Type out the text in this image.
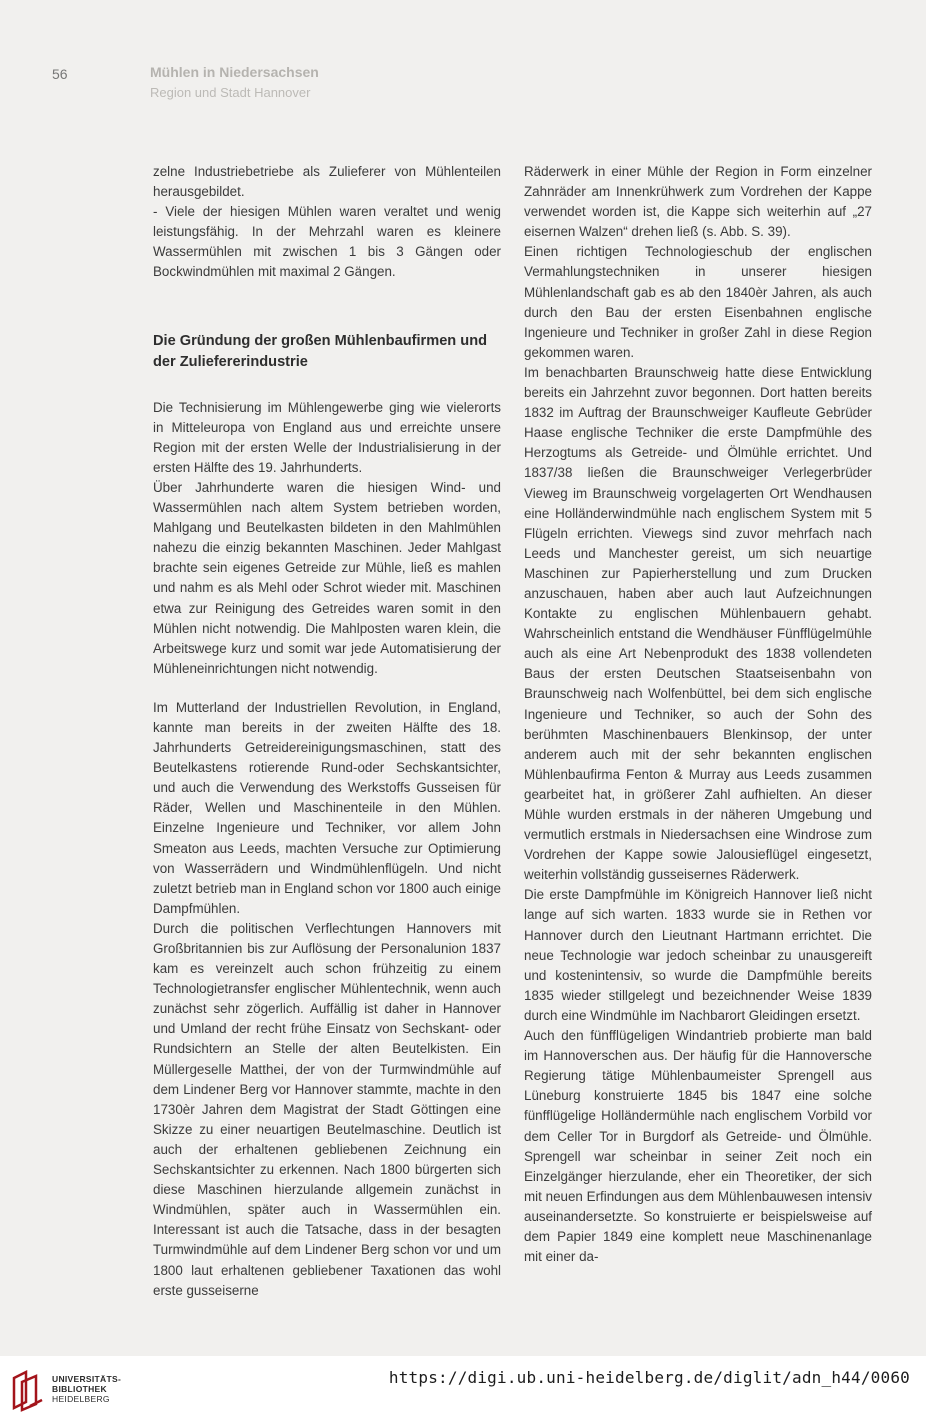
56	Mühlen in Niedersachsen
Region und Stadt Hannover

zelne Industriebetriebe als Zulieferer von Mühlenteilen herausgebildet.

- Viele der hiesigen Mühlen waren veraltet und wenig leistungsfähig. In der Mehrzahl waren es kleinere Wassermühlen mit zwischen 1 bis 3 Gängen oder Bockwindmühlen mit maximal 2 Gängen.

Die Gründung der großen Mühlenbaufirmen und der Zuliefererindustrie

Die Technisierung im Mühlengewerbe ging wie vielerorts in Mitteleuropa von England aus und erreichte unsere Region mit der ersten Welle der Industrialisierung in der ersten Hälfte des 19. Jahrhunderts.

Über Jahrhunderte waren die hiesigen Wind- und Wassermühlen nach altem System betrieben worden, Mahlgang und Beutelkasten bildeten in den Mahlmühlen nahezu die einzig bekannten Maschinen. Jeder Mahlgast brachte sein eigenes Getreide zur Mühle, ließ es mahlen und nahm es als Mehl oder Schrot wieder mit. Maschinen etwa zur Reinigung des Getreides waren somit in den Mühlen nicht notwendig. Die Mahlposten waren klein, die Arbeitswege kurz und somit war jede Automatisierung der Mühleneinrichtungen nicht notwendig.

Im Mutterland der Industriellen Revolution, in England, kannte man bereits in der zweiten Hälfte des 18. Jahrhunderts Getreidereinigungsmaschinen, statt des Beutelkastens rotierende Rund-oder Sechskantsichter, und auch die Verwendung des Werkstoffs Gusseisen für Räder, Wellen und Maschinenteile in den Mühlen. Einzelne Ingenieure und Techniker, vor allem John Smeaton aus Leeds, machten Versuche zur Optimierung von Wasserrädern und Windmühlenflügeln. Und nicht zuletzt betrieb man in England schon vor 1800 auch einige Dampfmühlen.

Durch die politischen Verflechtungen Hannovers mit Großbritannien bis zur Auflösung der Personalunion 1837 kam es vereinzelt auch schon frühzeitig zu einem Technologietransfer englischer Mühlentechnik, wenn auch zunächst sehr zögerlich. Auffällig ist daher in Hannover und Umland der recht frühe Einsatz von Sechskant- oder Rundsichtern an Stelle der alten Beutelkisten. Ein Müllergeselle Matthei, der von der Turmwindmühle auf dem Lindener Berg vor Hannover stammte, machte in den 1730èr Jahren dem Magistrat der Stadt Göttingen eine Skizze zu einer neuartigen Beutelmaschine. Deutlich ist auch der erhaltenen gebliebenen Zeichnung ein Sechskantsichter zu erkennen. Nach 1800 bürgerten sich diese Maschinen hierzulande allgemein zunächst in Windmühlen, später auch in Wassermühlen ein. Interessant ist auch die Tatsache, dass in der besagten Turmwindmühle auf dem Lindener Berg schon vor und um 1800 laut erhaltenen gebliebener Taxationen das wohl erste gusseiserne

Räderwerk in einer Mühle der Region in Form einzelner Zahnräder am Innenkrühwerk zum Vordrehen der Kappe verwendet worden ist, die Kappe sich weiterhin auf „27 eisernen Walzen“ drehen ließ (s. Abb. S. 39).

Einen richtigen Technologieschub der englischen Vermahlungstechniken in unserer hiesigen Mühlenlandschaft gab es ab den 1840èr Jahren, als auch durch den Bau der ersten Eisenbahnen englische Ingenieure und Techniker in großer Zahl in diese Region gekommen waren.

Im benachbarten Braunschweig hatte diese Entwicklung bereits ein Jahrzehnt zuvor begonnen. Dort hatten bereits 1832 im Auftrag der Braunschweiger Kaufleute Gebrüder Haase englische Techniker die erste Dampfmühle des Herzogtums als Getreide- und Ölmühle errichtet. Und 1837/38 ließen die Braunschweiger Verlegerbrüder Vieweg im Braunschweig vorgelagerten Ort Wendhausen eine Holländerwindmühle nach englischem System mit 5 Flügeln errichten. Viewegs sind zuvor mehrfach nach Leeds und Manchester gereist, um sich neuartige Maschinen zur Papierherstellung und zum Drucken anzuschauen, haben aber auch laut Aufzeichnungen Kontakte zu englischen Mühlenbauern gehabt. Wahrscheinlich entstand die Wendhäuser Fünfflügelmühle auch als eine Art Nebenprodukt des 1838 vollendeten Baus der ersten Deutschen Staatseisenbahn von Braunschweig nach Wolfenbüttel, bei dem sich englische Ingenieure und Techniker, so auch der Sohn des berühmten Maschinenbauers Blenkinsop, der unter anderem auch mit der sehr bekannten englischen Mühlenbaufirma Fenton & Murray aus Leeds zusammen gearbeitet hat, in größerer Zahl aufhielten. An dieser Mühle wurden erstmals in der näheren Umgebung und vermutlich erstmals in Niedersachsen eine Windrose zum Vordrehen der Kappe sowie Jalousieflügel eingesetzt, weiterhin vollständig gusseisernes Räderwerk.

Die erste Dampfmühle im Königreich Hannover ließ nicht lange auf sich warten. 1833 wurde sie in Rethen vor Hannover durch den Lieutnant Hartmann errichtet. Die neue Technologie war jedoch scheinbar zu unausgereift und kostenintensiv, so wurde die Dampfmühle bereits 1835 wieder stillgelegt und bezeichnender Weise 1839 durch eine Windmühle im Nachbarort Gleidingen ersetzt.

Auch den fünfflügeligen Windantrieb probierte man bald im Hannoverschen aus. Der häufig für die Hannoversche Regierung tätige Mühlenbaumeister Sprengell aus Lüneburg konstruierte 1845 bis 1847 eine solche fünfflügelige Holländermühle nach englischem Vorbild vor dem Celler Tor in Burgdorf als Getreide- und Ölmühle. Sprengell war scheinbar in seiner Zeit noch ein Einzelgänger hierzulande, eher ein Theoretiker, der sich mit neuen Erfindungen aus dem Mühlenbauwesen intensiv auseinandersetzte. So konstruierte er beispielsweise auf dem Papier 1849 eine komplett neue Maschinenanlage mit einer da-

UNIVERSITÄTS-
BIBLIOTHEK
HEIDELBERG
https://digi.ub.uni-heidelberg.de/diglit/adn_h44/0060
